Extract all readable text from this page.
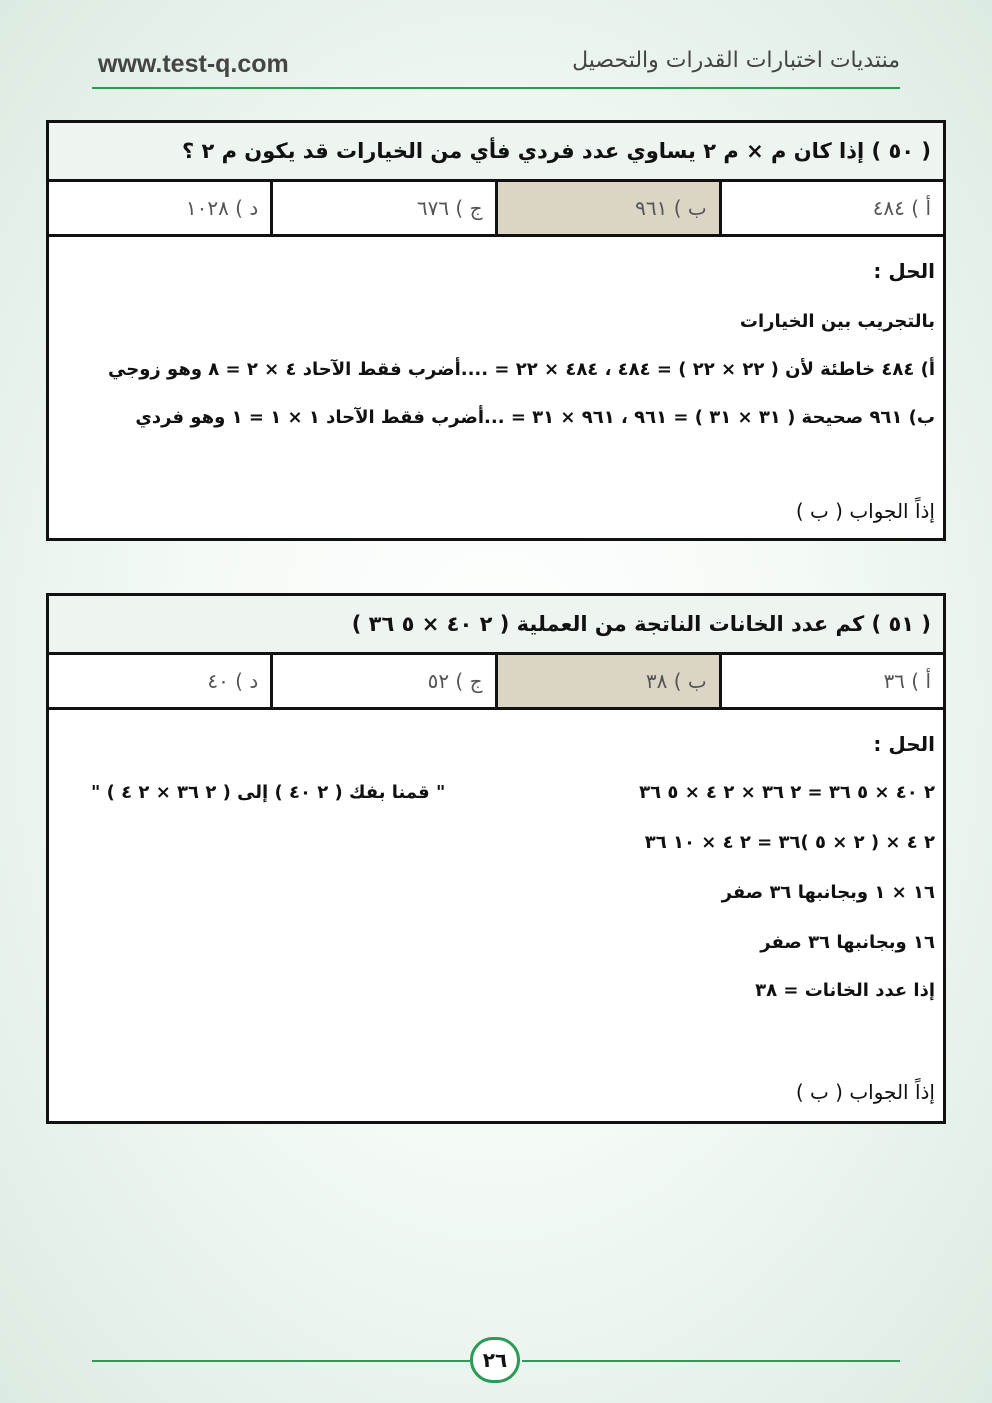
www.test-q.com	منتديات اختبارات القدرات والتحصيل
( ٥٠ ) إذا كان م × م ٢ يساوي عدد فردي فأي من الخيارات قد يكون م ٢ ؟
أ ) ٤٨٤
ب ) ٩٦١
ج ) ٦٧٦
د ) ١٠٢٨
الحل :
بالتجريب بين الخيارات
أ) ٤٨٤ خاطئة لأن ( ٢٢ × ٢٢ ) = ٤٨٤ ، ٤٨٤ × ٢٢ = ....أضرب فقط الآحاد ٤ × ٢ = ٨ وهو زوجي
ب) ٩٦١ صحيحة ( ٣١ × ٣١ ) = ٩٦١ ، ٩٦١ × ٣١ = ...أضرب فقط الآحاد ١ × ١ = ١ وهو فردي
إذاً الجواب ( ب )
( ٥١ ) كم عدد الخانات الناتجة من العملية ( ٢ ٤٠ × ٥ ٣٦ )
أ ) ٣٦
ب ) ٣٨
ج ) ٥٢
د ) ٤٠
الحل :
٢ ٤٠ × ٥ ٣٦ = ٢ ٣٦ × ٢ ٤ × ٥ ٣٦
" قمنا بفك ( ٢ ٤٠ ) إلى ( ٢ ٣٦ × ٢ ٤ ) "
٢ ٤ × ( ٢ × ٥ )٣٦ = ٢ ٤ × ١٠ ٣٦
١٦ × ١ وبجانبها ٣٦ صفر
١٦ وبجانبها ٣٦ صفر
إذا عدد الخانات = ٣٨
إذاً الجواب ( ب )
٢٦
